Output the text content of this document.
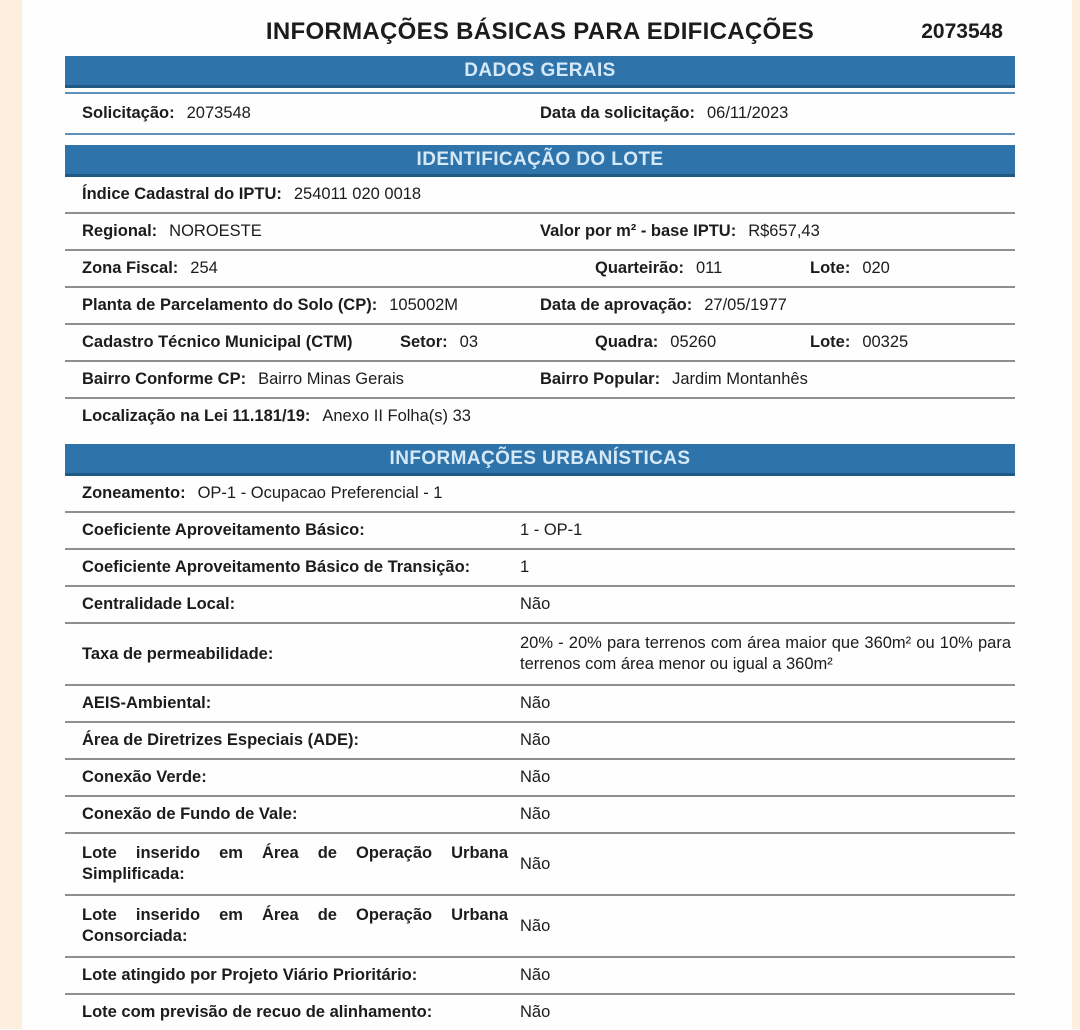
INFORMAÇÕES BÁSICAS PARA EDIFICAÇÕES	2073548
DADOS GERAIS
Solicitação: 2073548	Data da solicitação: 06/11/2023
IDENTIFICAÇÃO DO LOTE
Índice Cadastral do IPTU: 254011 020 0018
Regional: NOROESTE	Valor por m² - base IPTU: R$657,43
Zona Fiscal: 254	Quarteirão: 011	Lote: 020
Planta de Parcelamento do Solo (CP): 105002M	Data de aprovação: 27/05/1977
Cadastro Técnico Municipal (CTM)	Setor: 03	Quadra: 05260	Lote: 00325
Bairro Conforme CP: Bairro Minas Gerais	Bairro Popular: Jardim Montanhês
Localização na Lei 11.181/19: Anexo II Folha(s) 33
INFORMAÇÕES URBANÍSTICAS
Zoneamento: OP-1 - Ocupacao Preferencial - 1
Coeficiente Aproveitamento Básico:	1 - OP-1
Coeficiente Aproveitamento Básico de Transição:	1
Centralidade Local:	Não
Taxa de permeabilidade:
20% - 20% para terrenos com área maior que 360m² ou 10% para terrenos com área menor ou igual a 360m²
AEIS-Ambiental:	Não
Área de Diretrizes Especiais (ADE):	Não
Conexão Verde:	Não
Conexão de Fundo de Vale:	Não
Lote inserido em Área de Operação Urbana Simplificada:
Não
Lote inserido em Área de Operação Urbana Consorciada:
Não
Lote atingido por Projeto Viário Prioritário:	Não
Lote com previsão de recuo de alinhamento:	Não
